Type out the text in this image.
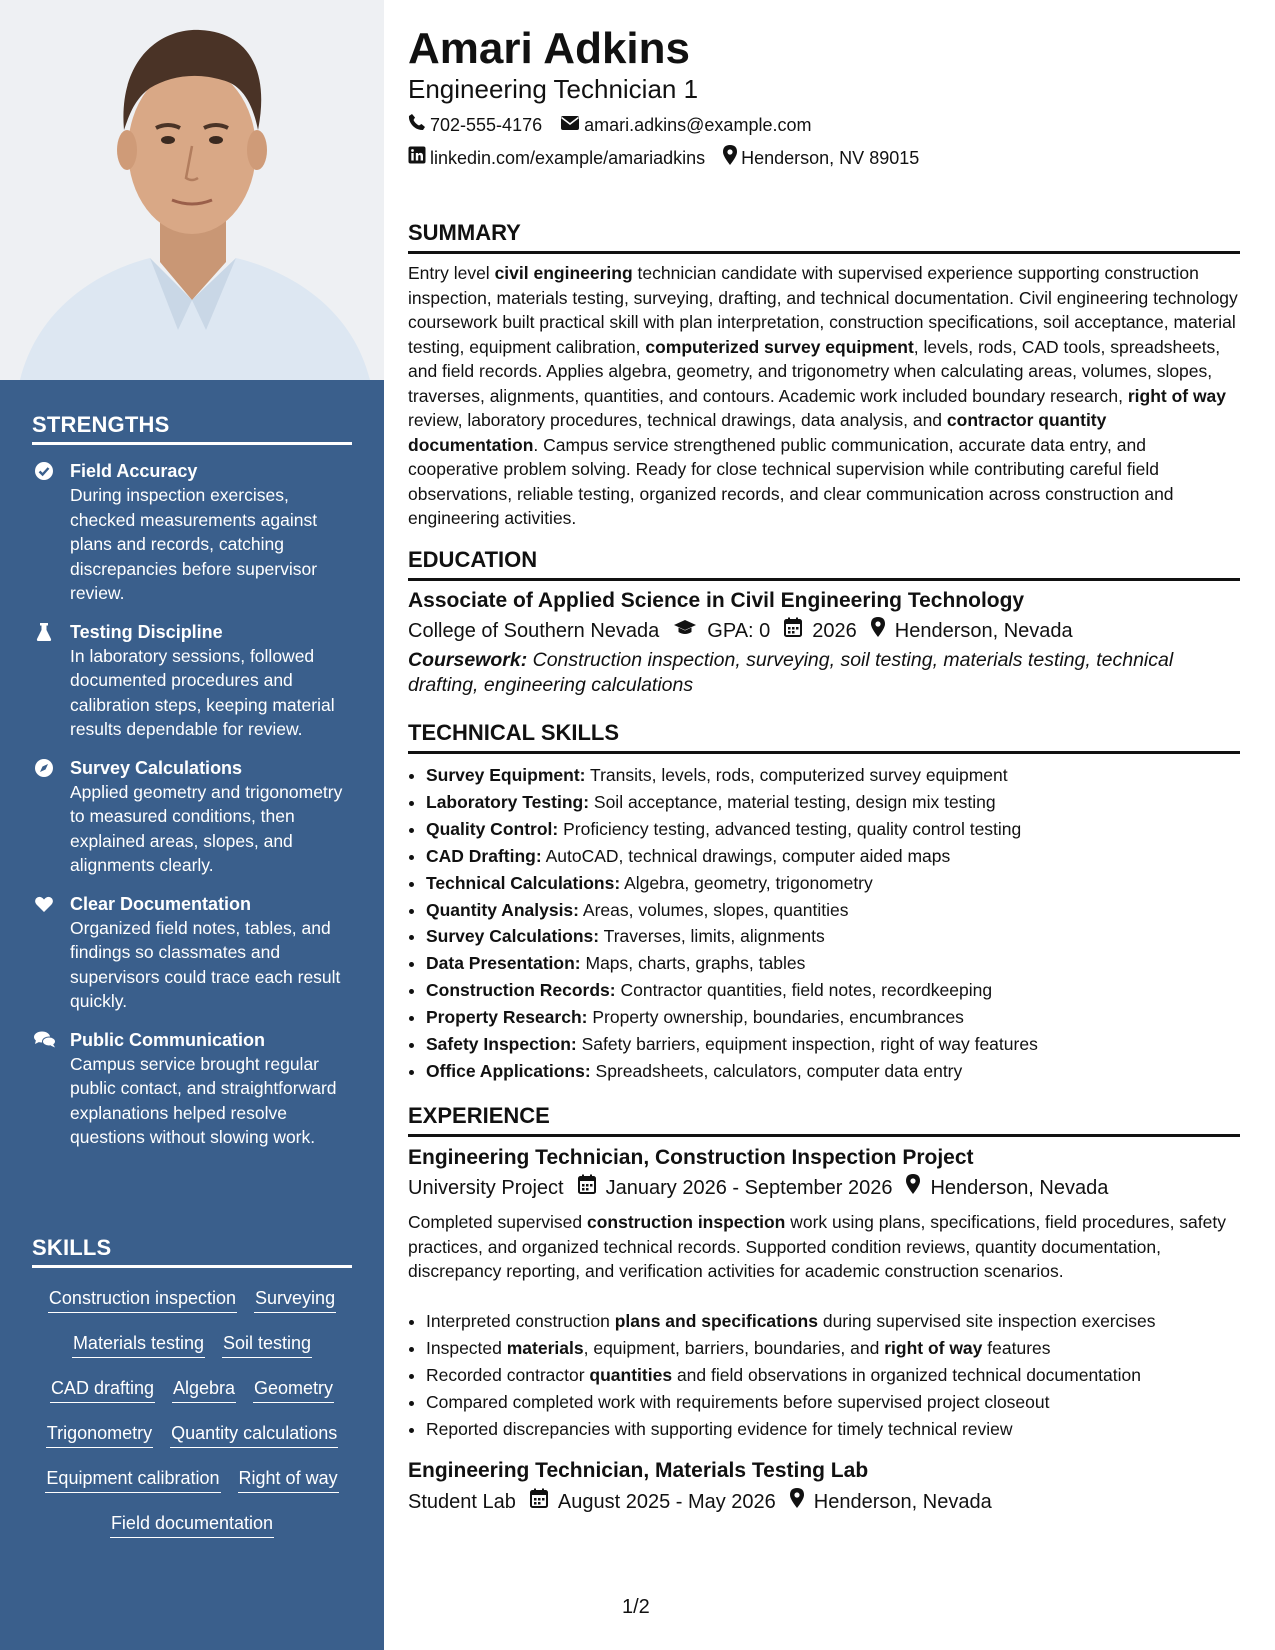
STRENGTHS
Field Accuracy
During inspection exercises, checked measurements against plans and records, catching discrepancies before supervisor review.
Testing Discipline
In laboratory sessions, followed documented procedures and calibration steps, keeping material results dependable for review.
Survey Calculations
Applied geometry and trigonometry to measured conditions, then explained areas, slopes, and alignments clearly.
Clear Documentation
Organized field notes, tables, and findings so classmates and supervisors could trace each result quickly.
Public Communication
Campus service brought regular public contact, and straightforward explanations helped resolve questions without slowing work.
SKILLS
Construction inspection Surveying
Materials testing Soil testing
CAD drafting Algebra Geometry
Trigonometry Quantity calculations
Equipment calibration Right of way
Field documentation
Amari Adkins
Engineering Technician 1
702-555-4176 amari.adkins@example.com
linkedin.com/example/amariadkins Henderson, NV 89015
SUMMARY
Entry level civil engineering technician candidate with supervised experience supporting construction inspection, materials testing, surveying, drafting, and technical documentation. Civil engineering technology coursework built practical skill with plan interpretation, construction specifications, soil acceptance, material testing, equipment calibration, computerized survey equipment, levels, rods, CAD tools, spreadsheets, and field records. Applies algebra, geometry, and trigonometry when calculating areas, volumes, slopes, traverses, alignments, quantities, and contours. Academic work included boundary research, right of way review, laboratory procedures, technical drawings, data analysis, and contractor quantity documentation. Campus service strengthened public communication, accurate data entry, and cooperative problem solving. Ready for close technical supervision while contributing careful field observations, reliable testing, organized records, and clear communication across construction and engineering activities.
EDUCATION
Associate of Applied Science in Civil Engineering Technology
College of Southern Nevada GPA: 0 2026 Henderson, Nevada
Coursework: Construction inspection, surveying, soil testing, materials testing, technical drafting, engineering calculations
TECHNICAL SKILLS
• Survey Equipment: Transits, levels, rods, computerized survey equipment
• Laboratory Testing: Soil acceptance, material testing, design mix testing
• Quality Control: Proficiency testing, advanced testing, quality control testing
• CAD Drafting: AutoCAD, technical drawings, computer aided maps
• Technical Calculations: Algebra, geometry, trigonometry
• Quantity Analysis: Areas, volumes, slopes, quantities
• Survey Calculations: Traverses, limits, alignments
• Data Presentation: Maps, charts, graphs, tables
• Construction Records: Contractor quantities, field notes, recordkeeping
• Property Research: Property ownership, boundaries, encumbrances
• Safety Inspection: Safety barriers, equipment inspection, right of way features
• Office Applications: Spreadsheets, calculators, computer data entry
EXPERIENCE
Engineering Technician, Construction Inspection Project
University Project January 2026 - September 2026 Henderson, Nevada
Completed supervised construction inspection work using plans, specifications, field procedures, safety practices, and organized technical records. Supported condition reviews, quantity documentation, discrepancy reporting, and verification activities for academic construction scenarios.
• Interpreted construction plans and specifications during supervised site inspection exercises
• Inspected materials, equipment, barriers, boundaries, and right of way features
• Recorded contractor quantities and field observations in organized technical documentation
• Compared completed work with requirements before supervised project closeout
• Reported discrepancies with supporting evidence for timely technical review
Engineering Technician, Materials Testing Lab
Student Lab August 2025 - May 2026 Henderson, Nevada
1/2
